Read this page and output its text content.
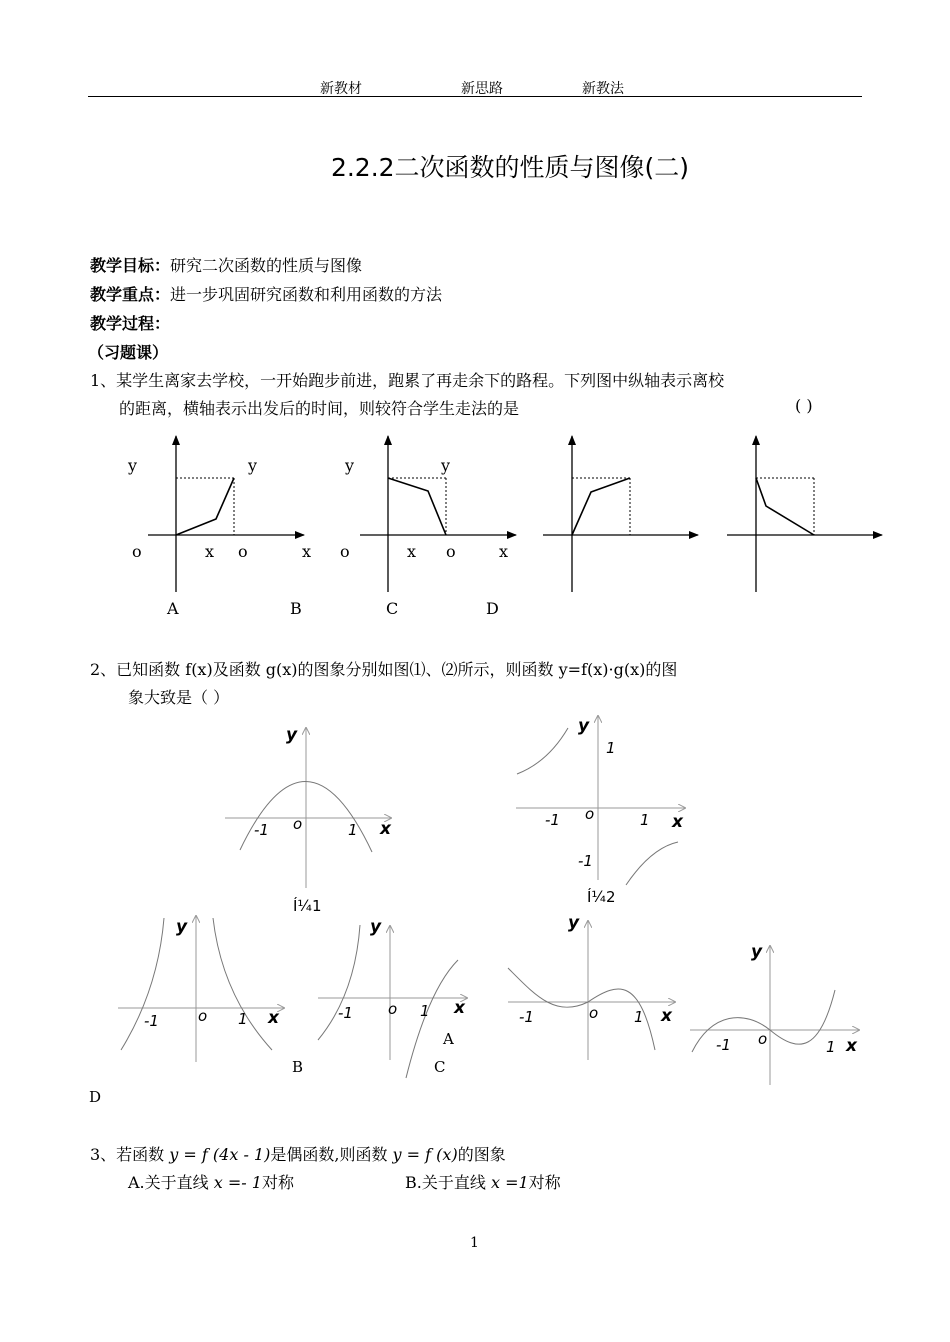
新教材	新思路	新教法
2.2.2二次函数的性质与图像(二)
教学目标：研究二次函数的性质与图像
教学重点：进一步巩固研究函数和利用函数的方法
教学过程：
（习题课）
1、某学生离家去学校，一开始跑步前进，跑累了再走余下的路程。下列图中纵轴表示离校
的距离，横轴表示出发后的时间，则较符合学生走法的是	( )
y	y	y	y
o	x o	x o	x o	x
A	B	C	D
2、已知函数 f(x)及函数 g(x)的图象分别如图⑴、⑵所示，则函数 y=f(x)·g(x)的图
象大致是（ ）
y
-1 o	1 x
Í¼1
y
1
-1 o	1 x
-1
Í¼2
y
-1	o 1 x
B
y
-1 o 1 x
A
C
y
-1	o 1 x
y
-1 o	1 x
D
3、若函数 y = f (4x - 1)是偶函数,则函数 y = f (x)的图象
A.关于直线 x =- 1对称	B.关于直线 x =1对称
1
